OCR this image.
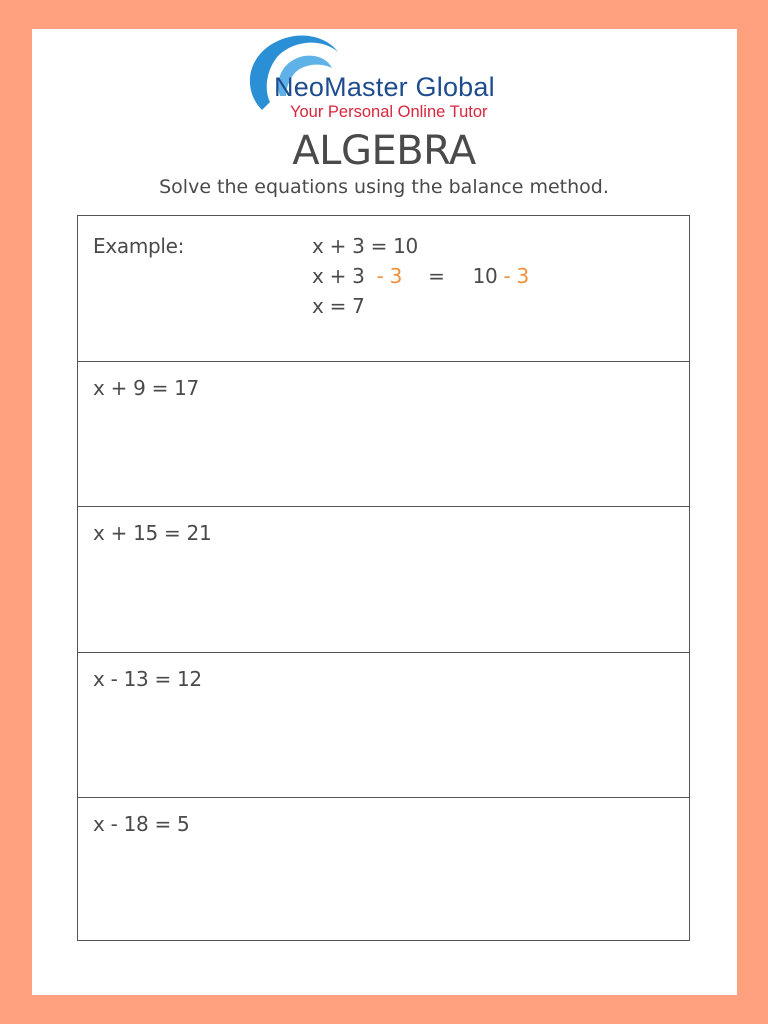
NeoMaster Global
Your Personal Online Tutor
ALGEBRA
Solve the equations using the balance method.
Example:	x + 3 = 10
x + 3 - 3 = 10 - 3
x = 7
x + 9 = 17
x + 15 = 21
x - 13 = 12
x - 18 = 5
